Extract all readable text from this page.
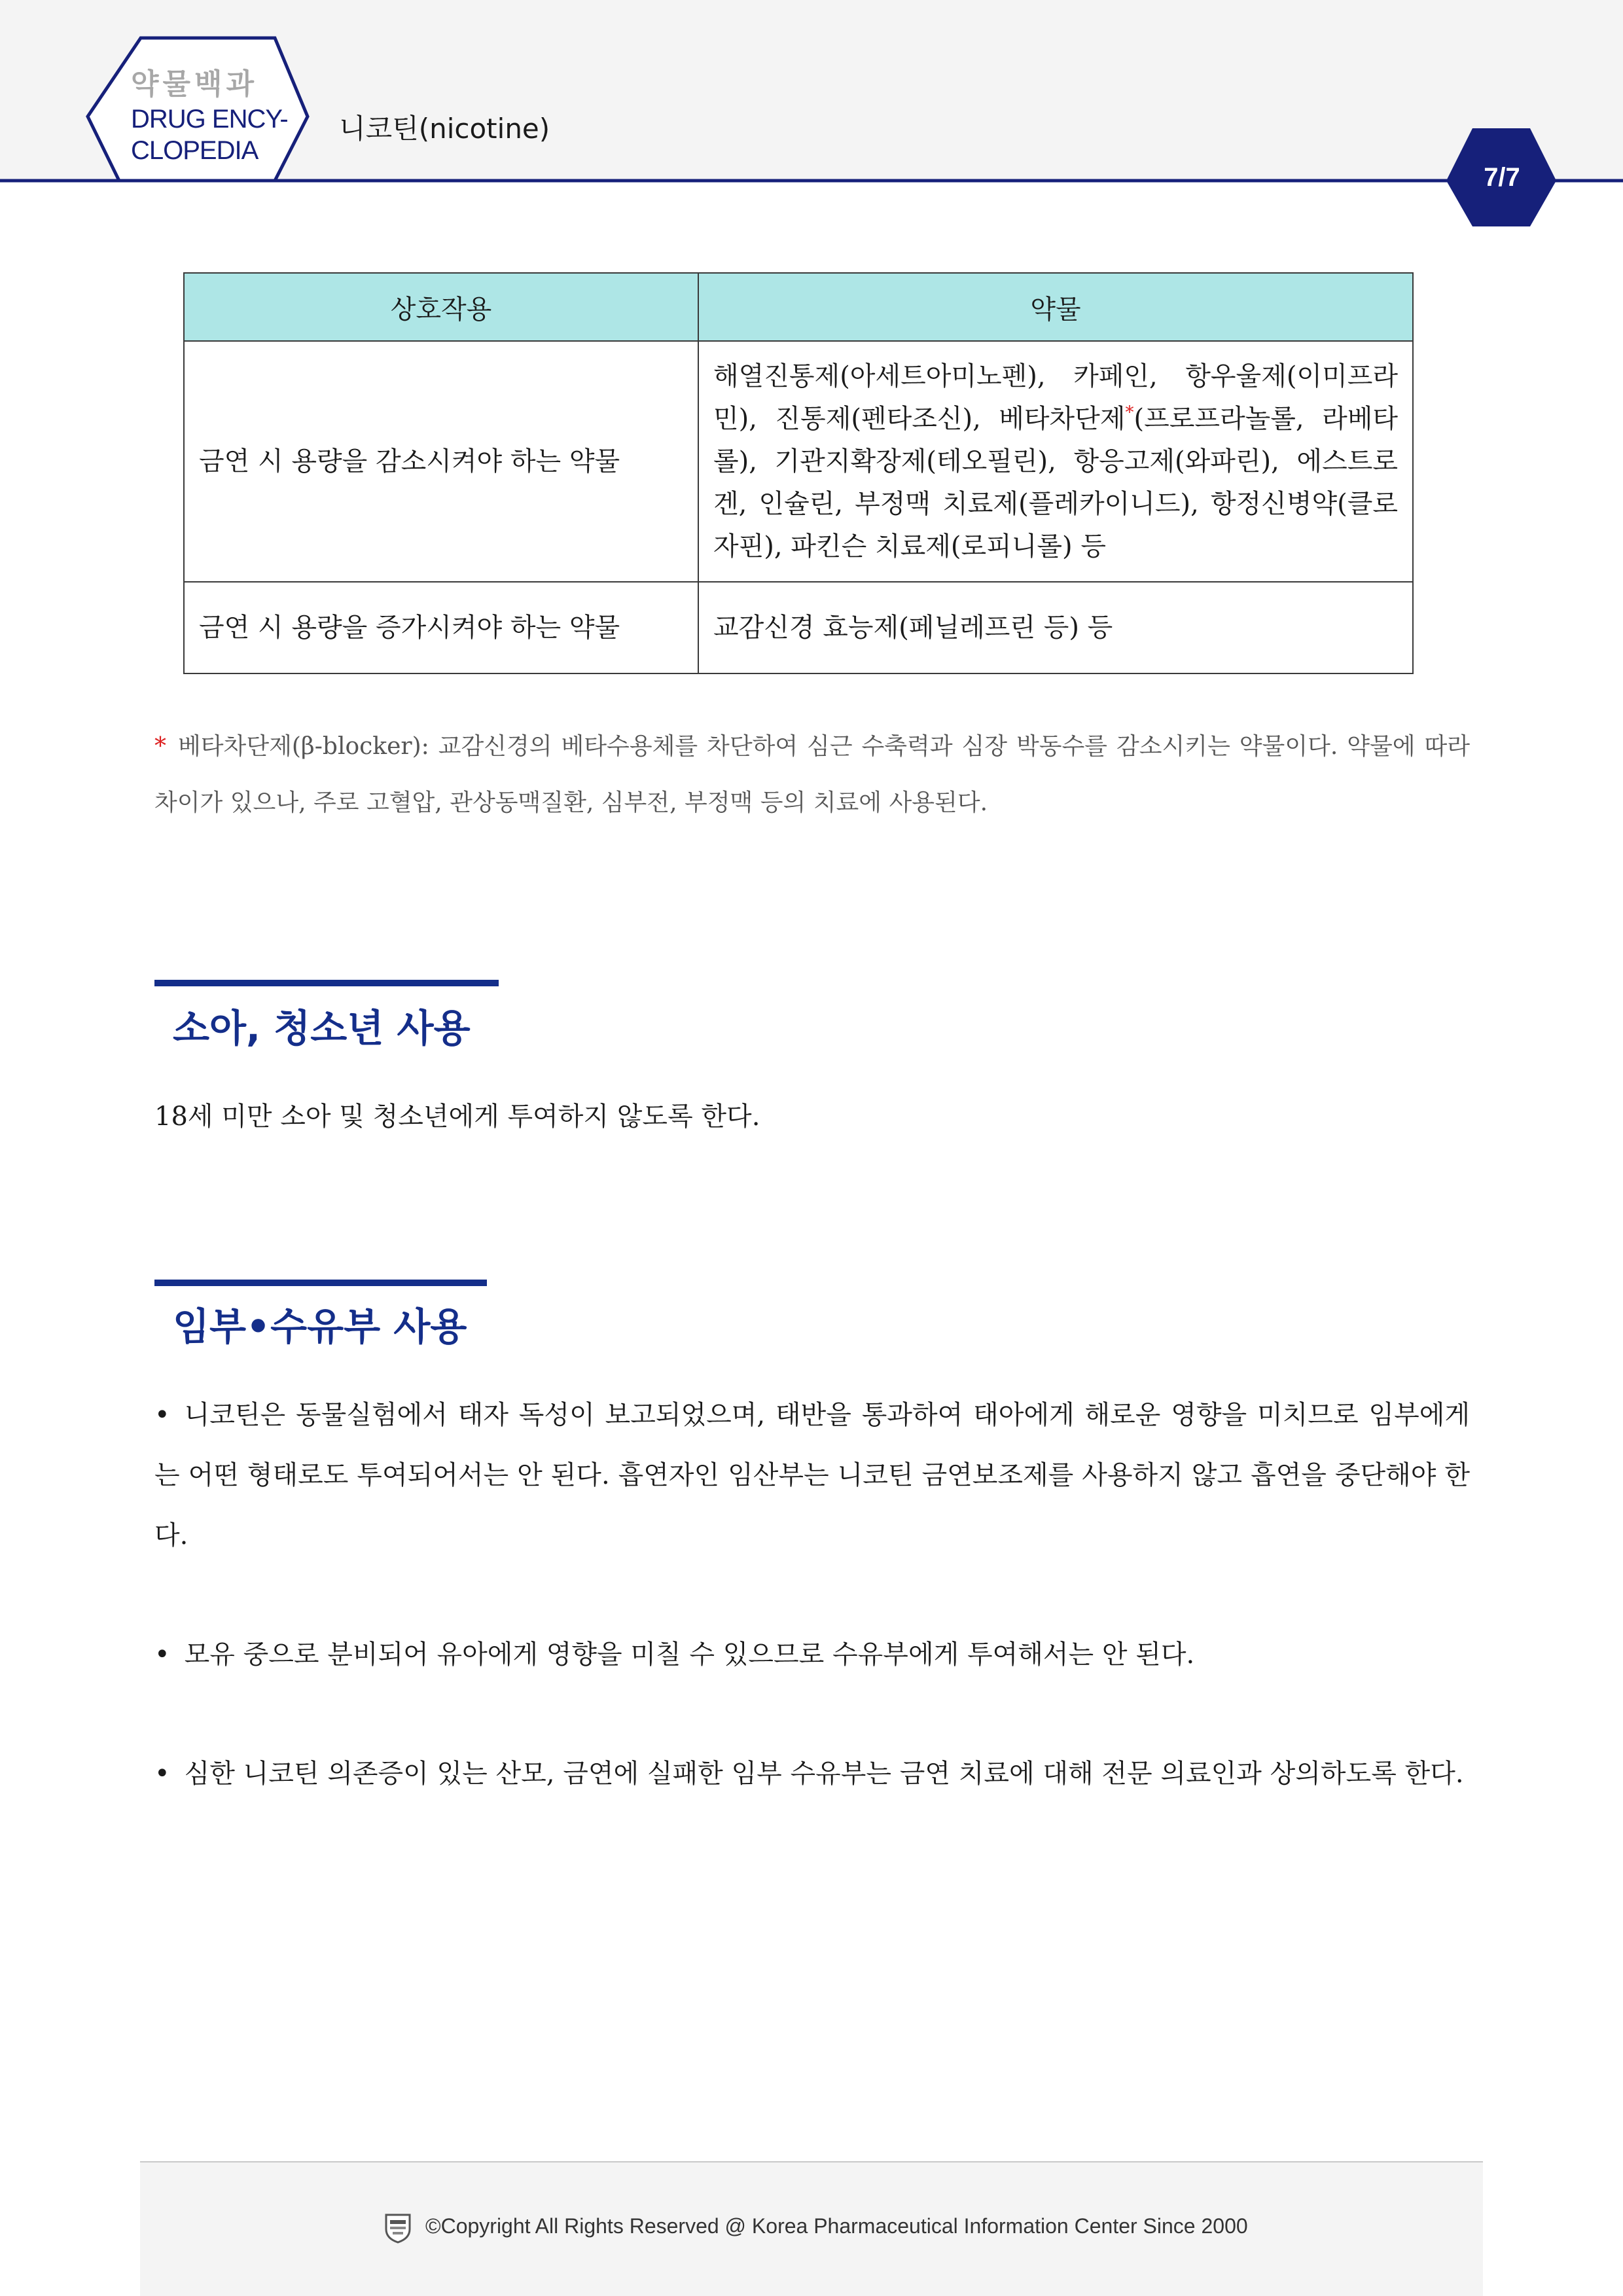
약물백과
DRUG ENCY-
CLOPEDIA
니코틴(nicotine)
7/7
상호작용	약물
금연 시 용량을 감소시켜야 하는 약물	해열진통제(아세트아미노펜), 카페인, 항우울제(이미프라민), 진통제(펜타조신), 베타차단제*(프로프라놀롤, 라베타롤), 기관지확장제(테오필린), 항응고제(와파린), 에스트로겐, 인슐린, 부정맥 치료제(플레카이니드), 항정신병약(클로자핀), 파킨슨 치료제(로피니롤) 등
금연 시 용량을 증가시켜야 하는 약물	교감신경 효능제(페닐레프린 등) 등
* 베타차단제(β-blocker): 교감신경의 베타수용체를 차단하여 심근 수축력과 심장 박동수를 감소시키는 약물이다. 약물에 따라 차이가 있으나, 주로 고혈압, 관상동맥질환, 심부전, 부정맥 등의 치료에 사용된다.
소아, 청소년 사용
18세 미만 소아 및 청소년에게 투여하지 않도록 한다.
임부•수유부 사용
• 니코틴은 동물실험에서 태자 독성이 보고되었으며, 태반을 통과하여 태아에게 해로운 영향을 미치므로 임부에게는 어떤 형태로도 투여되어서는 안 된다. 흡연자인 임산부는 니코틴 금연보조제를 사용하지 않고 흡연을 중단해야 한다.
• 모유 중으로 분비되어 유아에게 영향을 미칠 수 있으므로 수유부에게 투여해서는 안 된다.
• 심한 니코틴 의존증이 있는 산모, 금연에 실패한 임부 수유부는 금연 치료에 대해 전문 의료인과 상의하도록 한다.
©Copyright All Rights Reserved @ Korea Pharmaceutical Information Center Since 2000
